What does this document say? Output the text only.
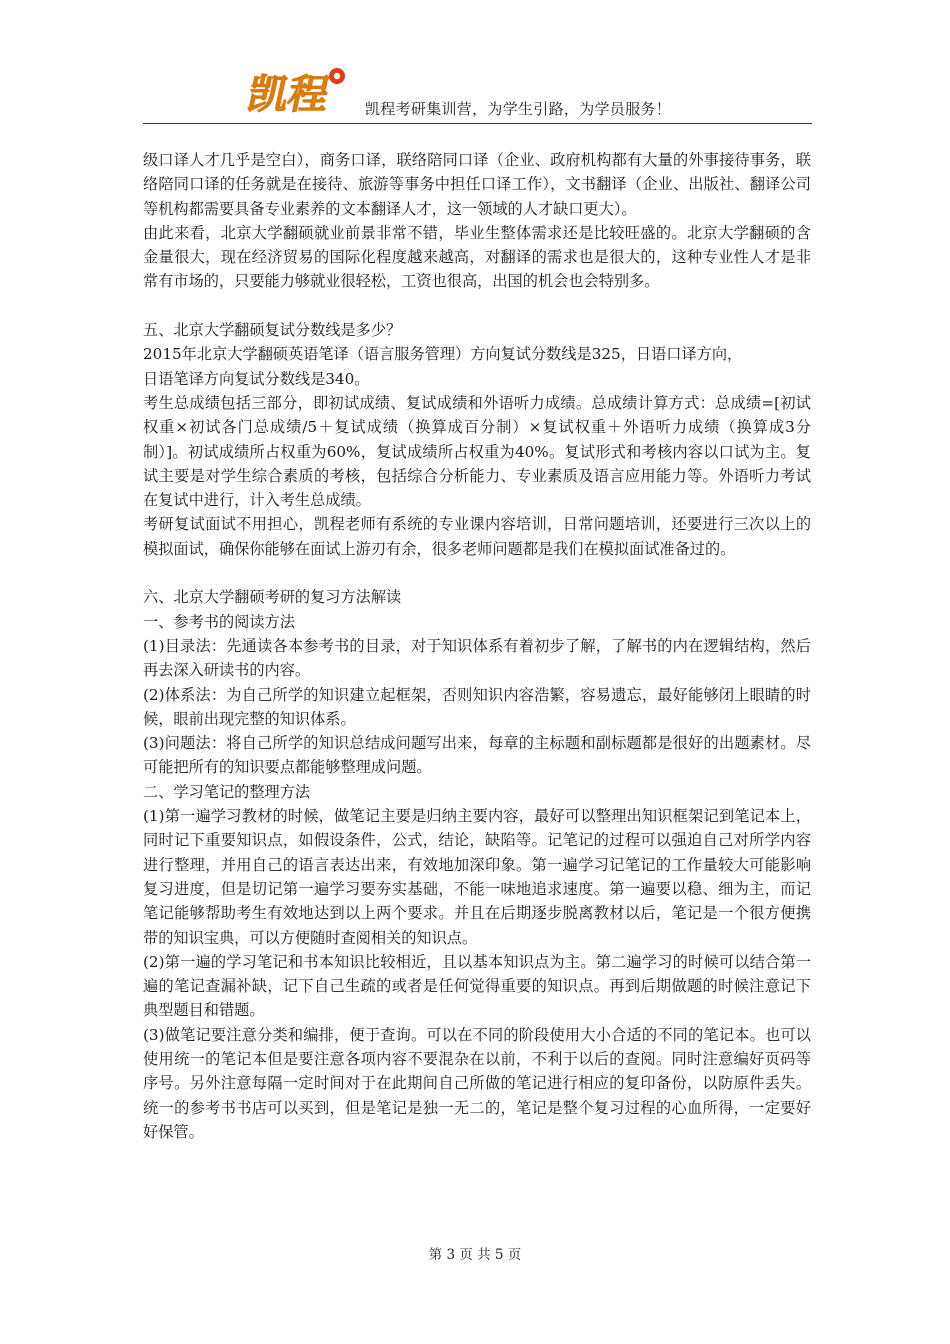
凯程 凯程考研集训营，为学生引路，为学员服务！

级口译人才几乎是空白），商务口译，联络陪同口译（企业、政府机构都有大量的外事接待事务，联络陪同口译的任务就是在接待、旅游等事务中担任口译工作），文书翻译（企业、出版社、翻译公司等机构都需要具备专业素养的文本翻译人才，这一领域的人才缺口更大）。

由此来看，北京大学翻硕就业前景非常不错，毕业生整体需求还是比较旺盛的。北京大学翻硕的含金量很大，现在经济贸易的国际化程度越来越高，对翻译的需求也是很大的，这种专业性人才是非常有市场的，只要能力够就业很轻松，工资也很高，出国的机会也会特别多。

五、北京大学翻硕复试分数线是多少？

2015年北京大学翻硕英语笔译（语言服务管理）方向复试分数线是325，日语口译方向，

日语笔译方向复试分数线是340。

考生总成绩包括三部分，即初试成绩、复试成绩和外语听力成绩。总成绩计算方式：总成绩=[初试权重×初试各门总成绩/5＋复试成绩（换算成百分制）×复试权重＋外语听力成绩（换算成3分制）]。初试成绩所占权重为60%，复试成绩所占权重为40%。复试形式和考核内容以口试为主。复试主要是对学生综合素质的考核，包括综合分析能力、专业素质及语言应用能力等。外语听力考试在复试中进行，计入考生总成绩。

考研复试面试不用担心，凯程老师有系统的专业课内容培训，日常问题培训，还要进行三次以上的模拟面试，确保你能够在面试上游刃有余，很多老师问题都是我们在模拟面试准备过的。

六、北京大学翻硕考研的复习方法解读

一、参考书的阅读方法

(1)目录法：先通读各本参考书的目录，对于知识体系有着初步了解，了解书的内在逻辑结构，然后再去深入研读书的内容。

(2)体系法：为自己所学的知识建立起框架，否则知识内容浩繁，容易遗忘，最好能够闭上眼睛的时候，眼前出现完整的知识体系。

(3)问题法：将自己所学的知识总结成问题写出来，每章的主标题和副标题都是很好的出题素材。尽可能把所有的知识要点都能够整理成问题。

二、学习笔记的整理方法

(1)第一遍学习教材的时候，做笔记主要是归纳主要内容，最好可以整理出知识框架记到笔记本上，同时记下重要知识点，如假设条件，公式，结论，缺陷等。记笔记的过程可以强迫自己对所学内容进行整理，并用自己的语言表达出来，有效地加深印象。第一遍学习记笔记的工作量较大可能影响复习进度，但是切记第一遍学习要夯实基础，不能一味地追求速度。第一遍要以稳、细为主，而记笔记能够帮助考生有效地达到以上两个要求。并且在后期逐步脱离教材以后，笔记是一个很方便携带的知识宝典，可以方便随时查阅相关的知识点。

(2)第一遍的学习笔记和书本知识比较相近，且以基本知识点为主。第二遍学习的时候可以结合第一遍的笔记查漏补缺，记下自己生疏的或者是任何觉得重要的知识点。再到后期做题的时候注意记下典型题目和错题。

(3)做笔记要注意分类和编排，便于查询。可以在不同的阶段使用大小合适的不同的笔记本。也可以使用统一的笔记本但是要注意各项内容不要混杂在以前，不利于以后的查阅。同时注意编好页码等序号。另外注意每隔一定时间对于在此期间自己所做的笔记进行相应的复印备份，以防原件丢失。统一的参考书书店可以买到，但是笔记是独一无二的，笔记是整个复习过程的心血所得，一定要好好保管。

第 3 页 共 5 页
